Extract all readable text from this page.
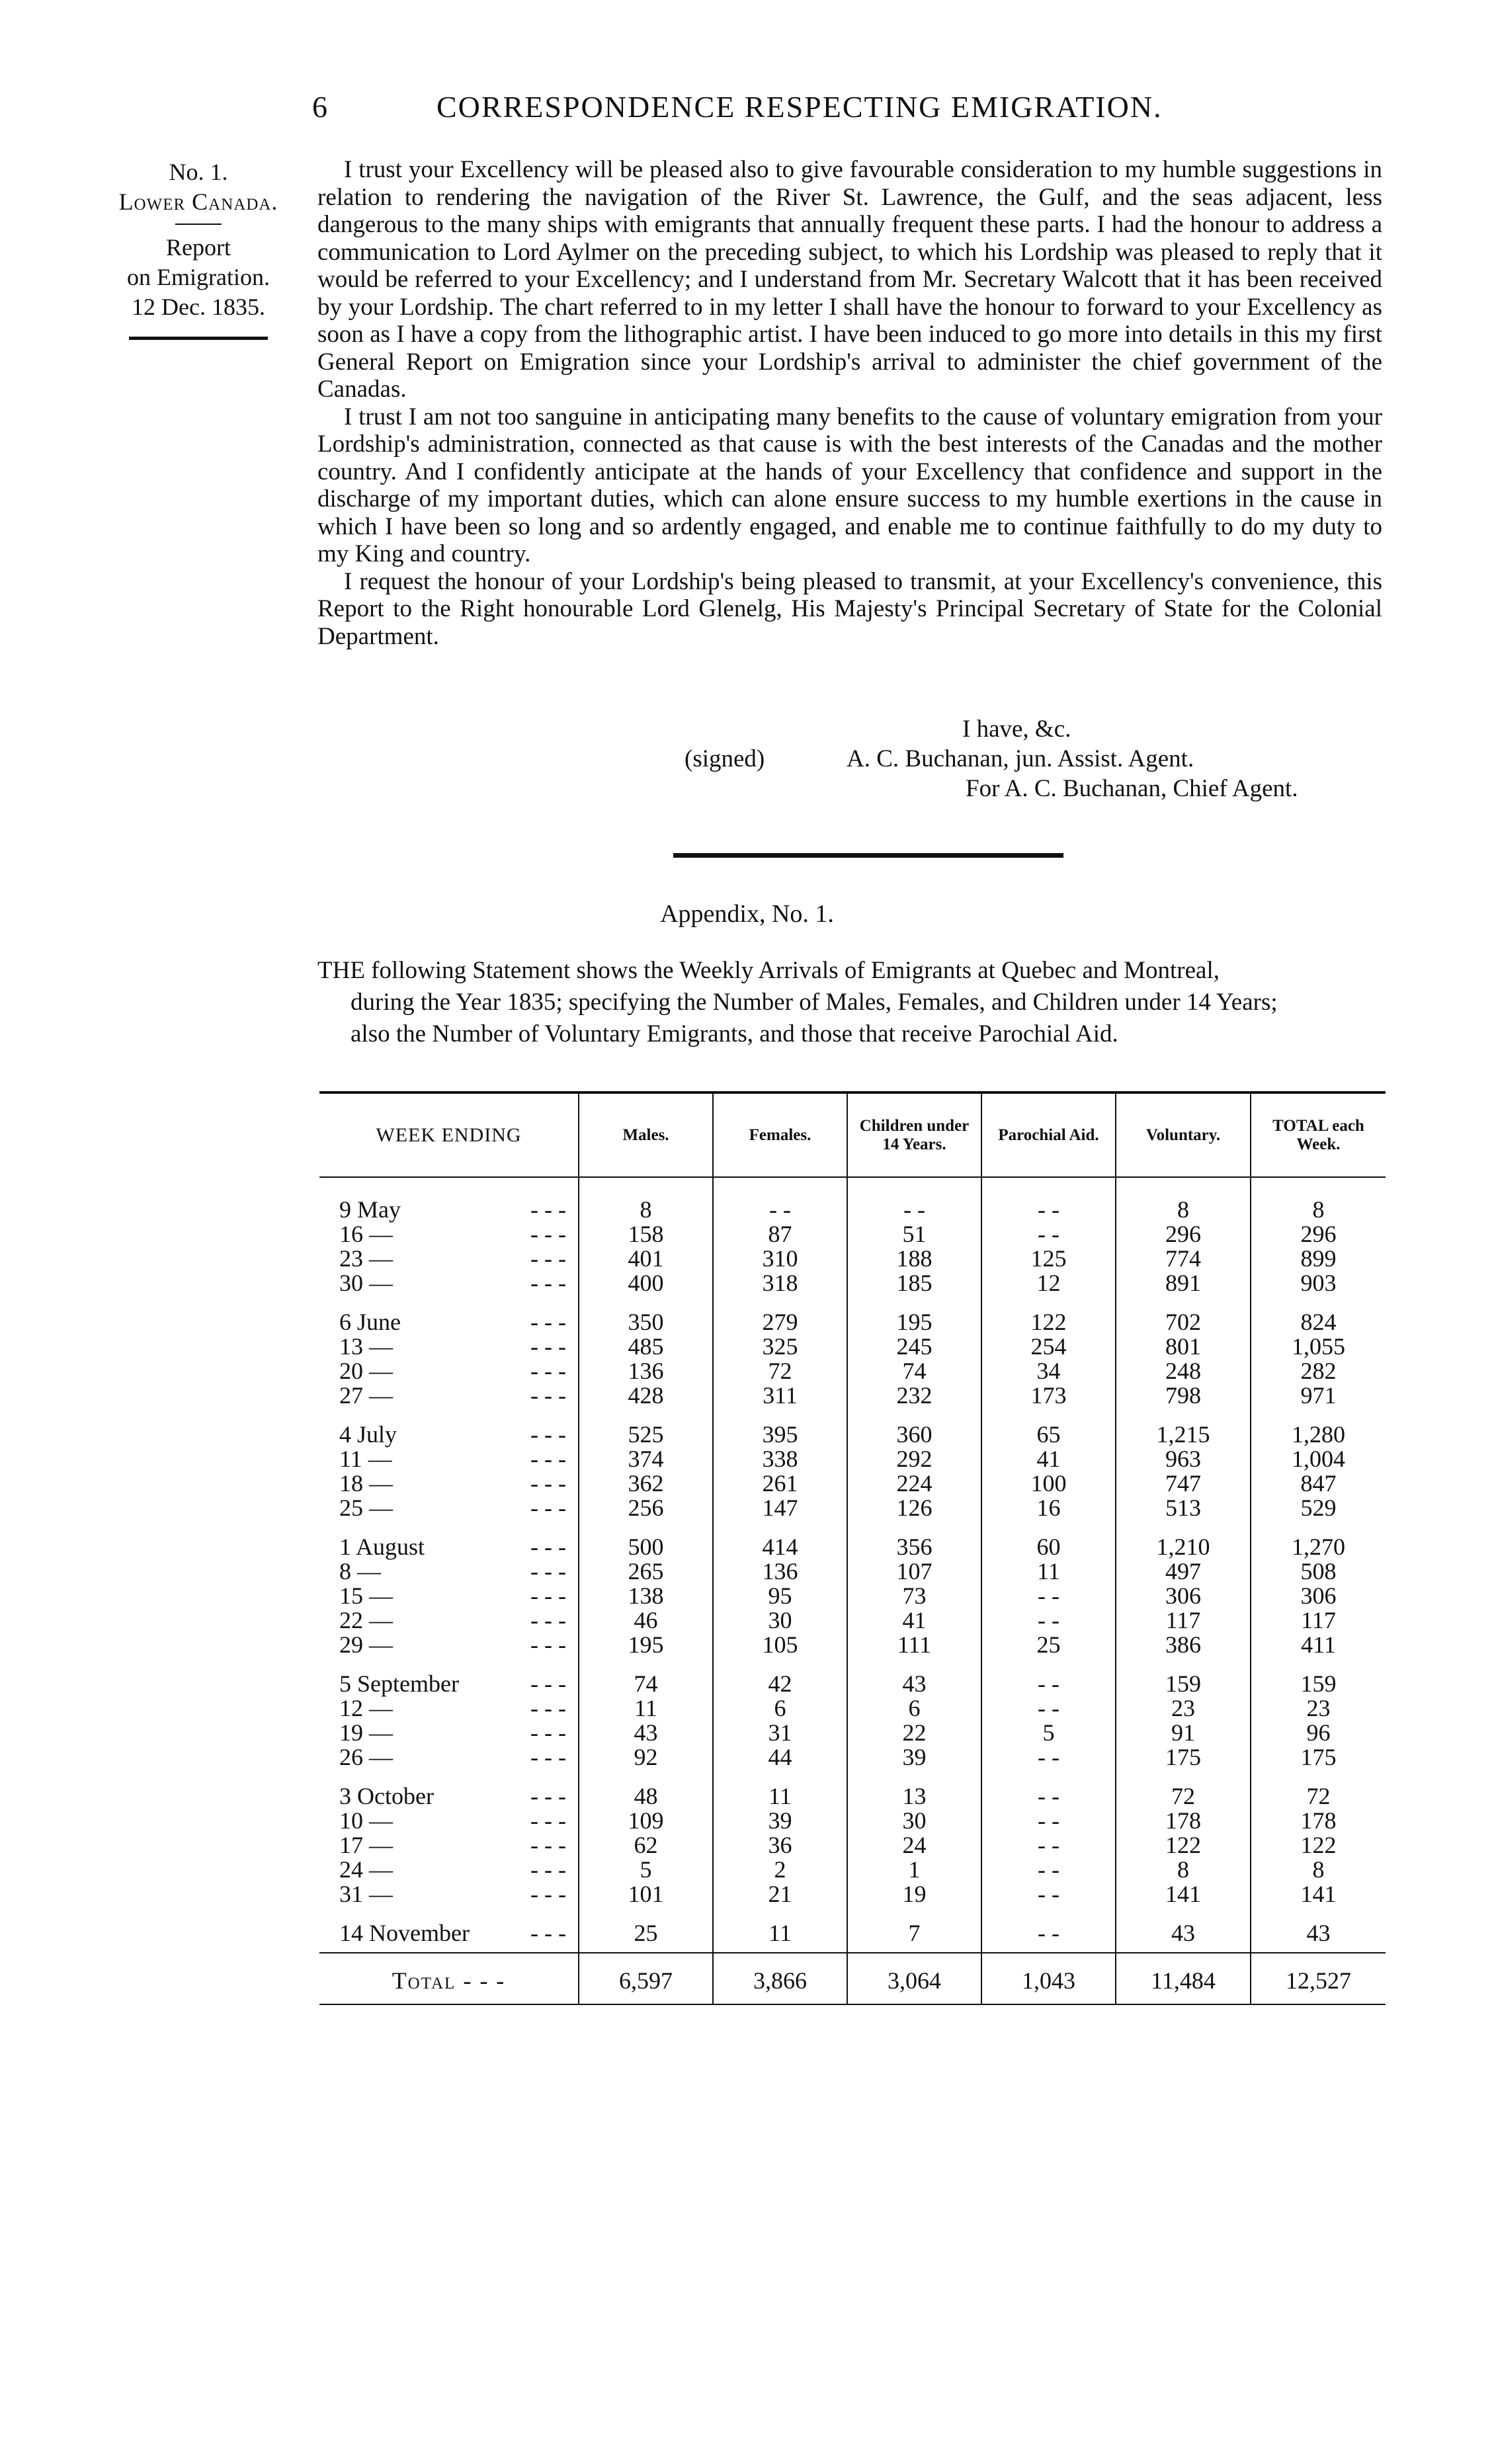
6	CORRESPONDENCE RESPECTING EMIGRATION.
No. 1.
Lower Canada.
Report
on Emigration.
12 Dec. 1835.

I trust your Excellency will be pleased also to give favourable consideration to my humble suggestions in relation to rendering the navigation of the River St. Lawrence, the Gulf, and the seas adjacent, less dangerous to the many ships with emigrants that annually frequent these parts. I had the honour to address a communication to Lord Aylmer on the preceding subject, to which his Lordship was pleased to reply that it would be referred to your Excellency; and I understand from Mr. Secretary Walcott that it has been received by your Lordship. The chart referred to in my letter I shall have the honour to forward to your Excellency as soon as I have a copy from the lithographic artist. I have been induced to go more into details in this my first General Report on Emigration since your Lordship's arrival to administer the chief government of the Canadas.

I trust I am not too sanguine in anticipating many benefits to the cause of voluntary emigration from your Lordship's administration, connected as that cause is with the best interests of the Canadas and the mother country. And I confidently anticipate at the hands of your Excellency that confidence and support in the discharge of my important duties, which can alone ensure success to my humble exertions in the cause in which I have been so long and so ardently engaged, and enable me to continue faithfully to do my duty to my King and country.

I request the honour of your Lordship's being pleased to transmit, at your Excellency's convenience, this Report to the Right honourable Lord Glenelg, His Majesty's Principal Secretary of State for the Colonial Department.

I have, &c.
(signed)	A. C. Buchanan, jun. Assist. Agent.
For A. C. Buchanan, Chief Agent.
Appendix, No. 1.

THE following Statement shows the Weekly Arrivals of Emigrants at Quebec and Montreal,

during the Year 1835; specifying the Number of Males, Females, and Children under 14 Years;

also the Number of Voluntary Emigrants, and those that receive Parochial Aid.

WEEK ENDING	Males.	Females.	Children under 14 Years.	Parochial Aid.	Voluntary.	TOTAL each Week.
9 May - - -	8	- -	- -	- -	8	8
16 — - - -	158	87	51	- -	296	296
23 — - - -	401	310	188	125	774	899
30 — - - -	400	318	185	12	891	903
6 June - - -	350	279	195	122	702	824
13 — - - -	485	325	245	254	801	1,055
20 — - - -	136	72	74	34	248	282
27 — - - -	428	311	232	173	798	971
4 July - - -	525	395	360	65	1,215	1,280
11 — - - -	374	338	292	41	963	1,004
18 — - - -	362	261	224	100	747	847
25 — - - -	256	147	126	16	513	529
1 August - - -	500	414	356	60	1,210	1,270
8 — - - -	265	136	107	11	497	508
15 — - - -	138	95	73	- -	306	306
22 — - - -	46	30	41	- -	117	117
29 — - - -	195	105	111	25	386	411
5 September - - -	74	42	43	- -	159	159
12 — - - -	11	6	6	- -	23	23
19 — - - -	43	31	22	5	91	96
26 — - - -	92	44	39	- -	175	175
3 October - - -	48	11	13	- -	72	72
10 — - - -	109	39	30	- -	178	178
17 — - - -	62	36	24	- -	122	122
24 — - - -	5	2	1	- -	8	8
31 — - - -	101	21	19	- -	141	141
14 November - - -	25	11	7	- -	43	43

Total - - -	6,597	3,866	3,064	1,043	11,484	12,527
